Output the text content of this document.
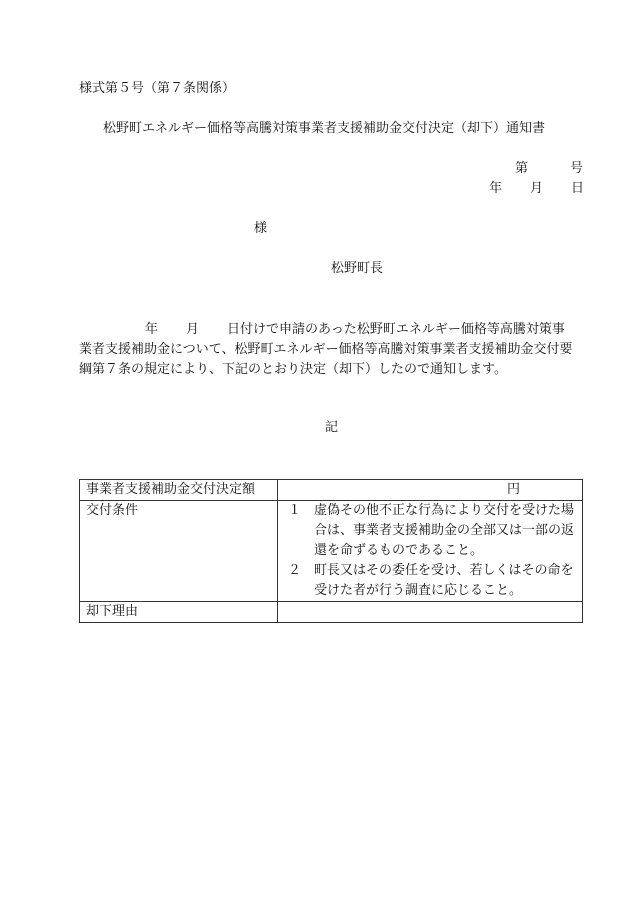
様式第５号（第７条関係）
松野町エネルギー価格等高騰対策事業者支援補助金交付決定（却下）通知書
第	号
年 月 日
様
松野町長
年 月 日付けで申請のあった松野町エネルギー価格等高騰対策事
業者支援補助金について、松野町エネルギー価格等高騰対策事業者支援補助金交付要
綱第７条の規定により、下記のとおり決定（却下）したので通知します。
記
事業者支援補助金交付決定額	円
交付条件	１ 虚偽その他不正な行為により交付を受けた場合は、事業者支援補助金の全部又は一部の返還を命ずるものであること。
２ 町長又はその委任を受け、若しくはその命を受けた者が行う調査に応じること。

却下理由	
